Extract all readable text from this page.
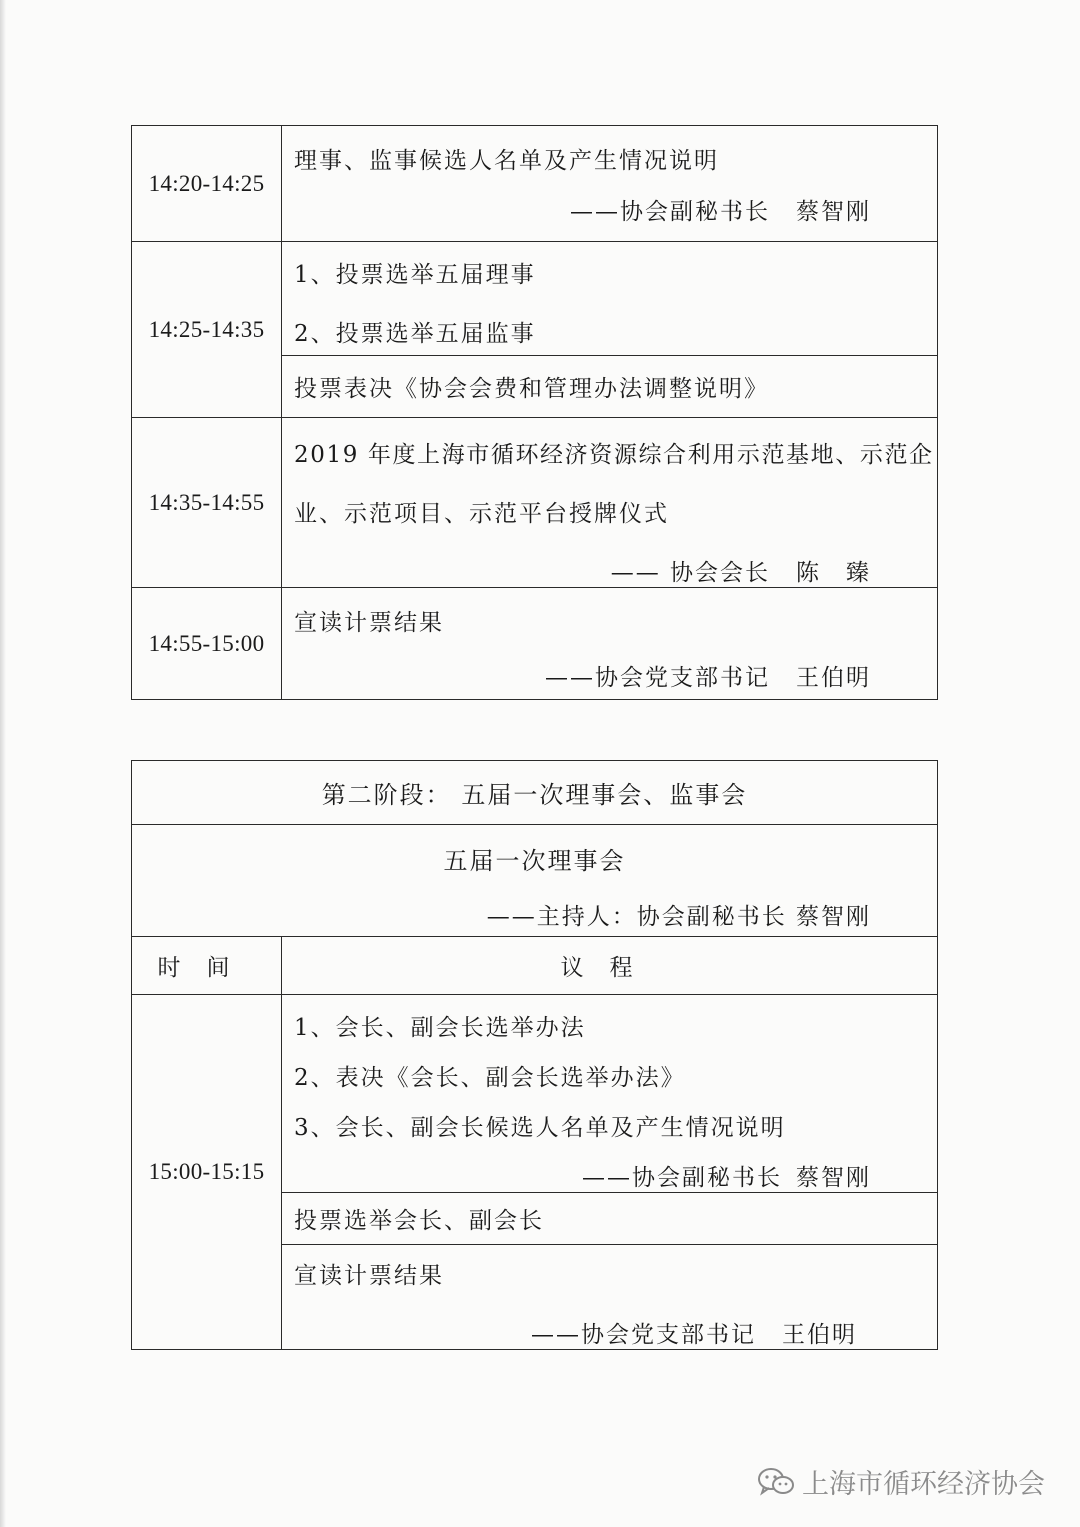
14:20-14:25	理事、监事候选人名单及产生情况说明
——协会副秘书长 蔡智刚

14:25-14:35	1、投票选举五届理事
2、投票选举五届监事

	投票表决《协会会费和管理办法调整说明》

14:35-14:55	2019 年度上海市循环经济资源综合利用示范基地、示范企
业、示范项目、示范平台授牌仪式
—— 协会会长 陈　臻

14:55-15:00	宣读计票结果
——协会党支部书记 王伯明
第二阶段： 五届一次理事会、监事会	

五届一次理事会
——主持人：协会副秘书长 蔡智刚	

时间	议程
15:00-15:15	1、会长、副会长选举办法
2、表决《会长、副会长选举办法》
3、会长、副会长候选人名单及产生情况说明
——协会副秘书长 蔡智刚

	投票选举会长、副会长

	宣读计票结果
——协会党支部书记 王伯明
上海市循环经济协会
